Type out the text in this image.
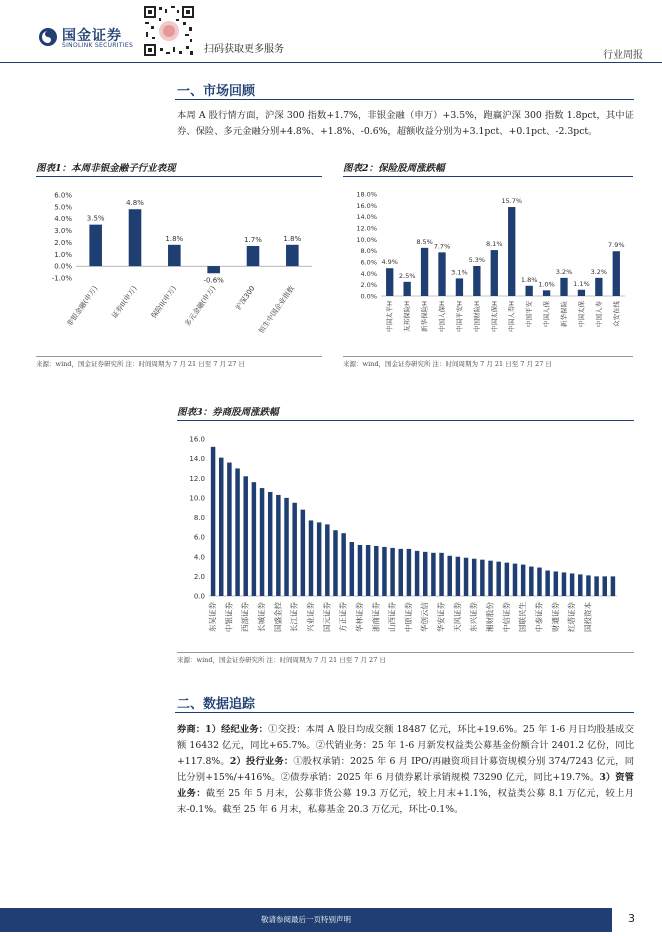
国金证券
SINOLINK SECURITIES	扫码获取更多服务
行业周报
一、市场回顾
本周 A 股行情方面，沪深 300 指数+1.7%，非银金融（申万）+3.5%，跑赢沪深 300 指数 1.8pct，其中证券、保险、多元金融分别+4.8%、+1.8%、-0.6%，超额收益分别为+3.1pct、+0.1pct、-2.3pct。
图表1：本周非银金融子行业表现
6.0%
5.0%
4.0%
3.0%
2.0%
1.0%
0.0%
-1.0%
3.5%
非银金融(申万)
4.8%
证券II(申万)
1.8%
保险II(申万)
-0.6%
多元金融(申万)
1.7%
沪深300
1.8%
恒生中国企业指数
来源：wind，国金证券研究所 注：时间周期为 7 月 21 日至 7 月 27 日
图表2：保险股周涨跌幅
18.0%
16.0%
14.0%
12.0%
10.0%
8.0%
6.0%
4.0%
2.0%
0.0%
4.9%
中国太平H
2.5%
友邦保险H
8.5%
新华保险H
7.7%
中国人保H
3.1%
中国平安H
5.3%
中国财险H
8.1%
中国太保H
15.7%
中国人寿H
1.8%
中国平安
1.0%
中国人保
3.2%
新华保险
1.1%
中国太保
3.2%
中国人寿
7.9%
众安在线
来源：wind，国金证券研究所 注：时间周期为 7 月 21 日至 7 月 27 日
图表3：券商股周涨跌幅
16.0
14.0
12.0
10.0
8.0
6.0
4.0
2.0
0.0
东吴证券 中银证券 西部证券 长城证券 国盛金控 长江证券 兴业证券 国元证券 方正证券 华林证券 浙商证券 山西证券 中原证券 华创云信 华安证券 天风证券 东兴证券 湘财股份 中信证券 国联民生 中泰证券 财通证券 红塔证券 国投资本
来源：wind，国金证券研究所 注：时间周期为 7 月 21 日至 7 月 27 日
二、数据追踪
券商：1）经纪业务：①交投：本周 A 股日均成交额 18487 亿元，环比+19.6%。25 年 1-6 月日均股基成交额 16432 亿元，同比+65.7%。②代销业务：25 年 1-6 月新发权益类公募基金份额合计 2401.2 亿份，同比+117.8%。2）投行业务：①股权承销：2025 年 6 月 IPO/再融资项目计募资规模分别 374/7243 亿元，同比分别+15%/+416%。②债券承销：2025 年 6 月债券累计承销规模 73290 亿元，同比+19.7%。3）资管业务：截至 25 年 5 月末，公募非货公募 19.3 万亿元，较上月末+1.1%，权益类公募 8.1 万亿元，较上月末-0.1%。截至 25 年 6 月末，私募基金 20.3 万亿元，环比-0.1%。
敬请参阅最后一页特别声明	3
